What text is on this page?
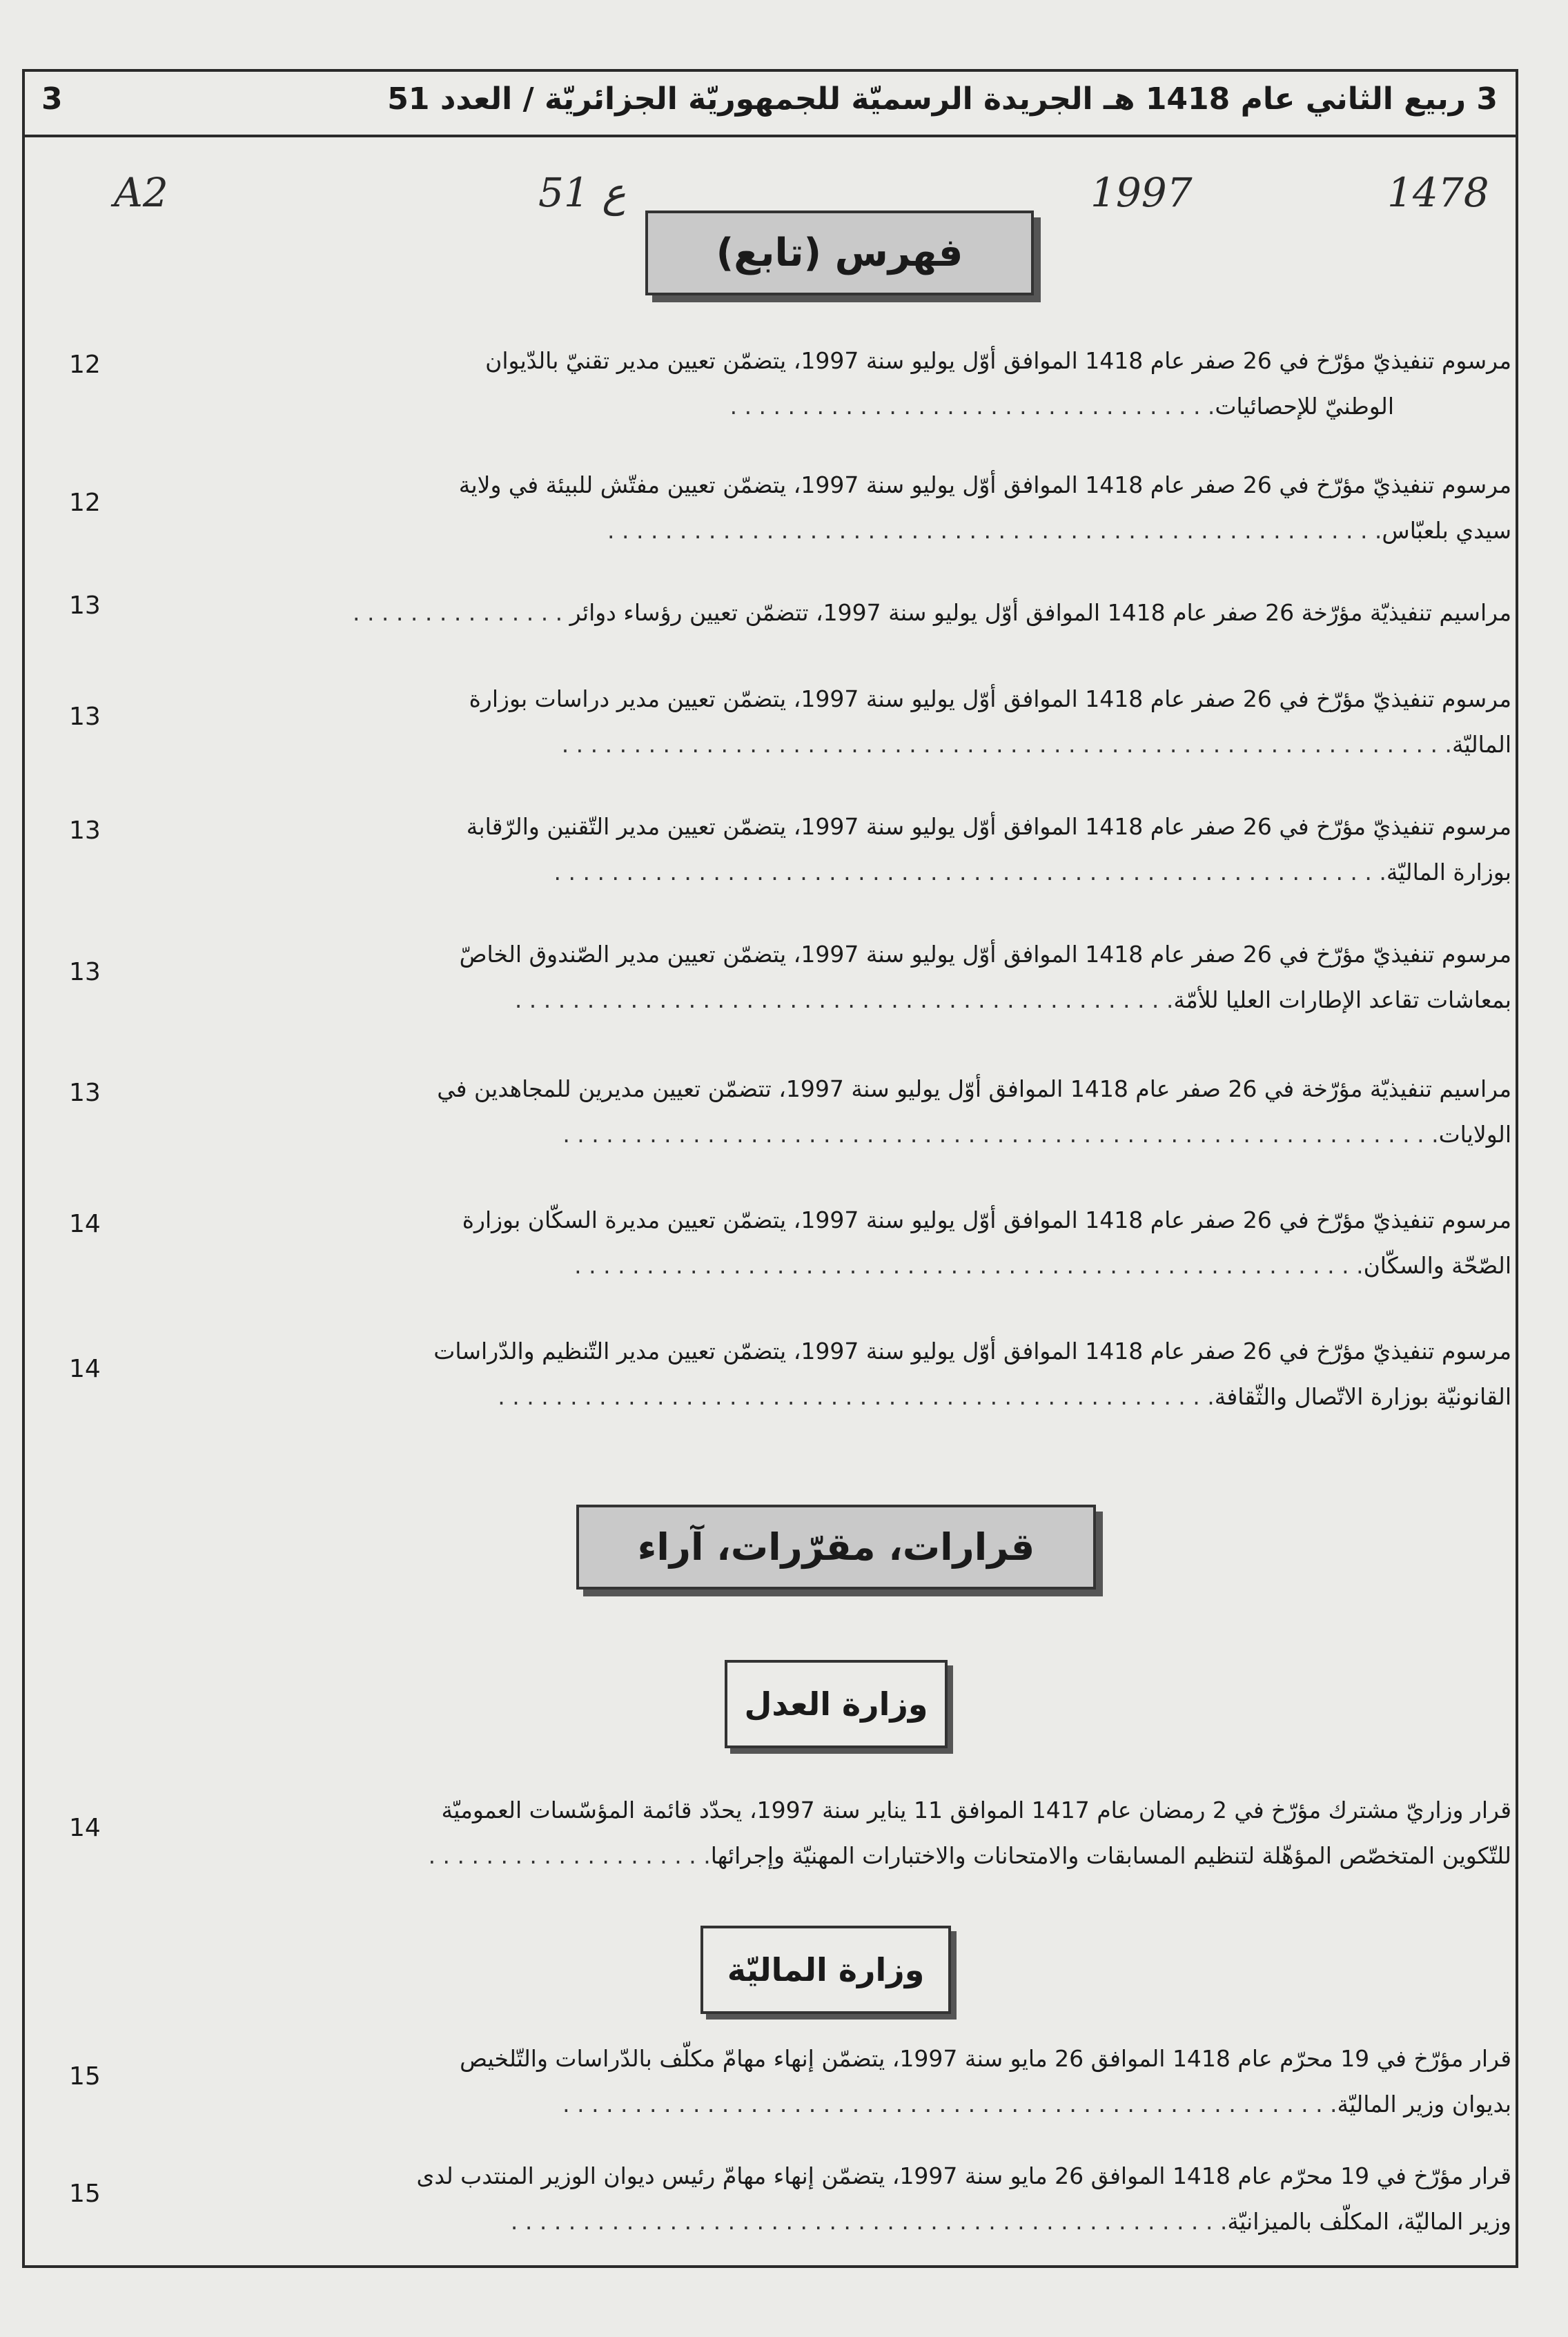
3 ربيع الثاني عام 1418 هـ الجريدة الرسميّة للجمهوريّة الجزائريّة / العدد 51
3
A2	ع 51	1997	1478
فهرس (تابع)
مرسوم تنفيذيّ مؤرّخ في 26 صفر عام 1418 الموافق أوّل يوليو سنة 1997، يتضمّن تعيين مدير تقنيّ بالدّيوان
الوطنيّ للإحصائيات. . . . . . . . . . . . . . . . . . . . . . . . . . . . . . . . . .
12
مرسوم تنفيذيّ مؤرّخ في 26 صفر عام 1418 الموافق أوّل يوليو سنة 1997، يتضمّن تعيين مفتّش للبيئة في ولاية
سيدي بلعبّاس. . . . . . . . . . . . . . . . . . . . . . . . . . . . . . . . . . . . . . . . . . . . . . . . . . . . . .
12
مراسيم تنفيذيّة مؤرّخة 26 صفر عام 1418 الموافق أوّل يوليو سنة 1997، تتضمّن تعيين رؤساء دوائر . . . . . . . . . . . . . . .
13
مرسوم تنفيذيّ مؤرّخ في 26 صفر عام 1418 الموافق أوّل يوليو سنة 1997، يتضمّن تعيين مدير دراسات بوزارة
الماليّة. . . . . . . . . . . . . . . . . . . . . . . . . . . . . . . . . . . . . . . . . . . . . . . . . . . . . . . . . . . . . .
13
مرسوم تنفيذيّ مؤرّخ في 26 صفر عام 1418 الموافق أوّل يوليو سنة 1997، يتضمّن تعيين مدير التّقنين والرّقابة
بوزارة الماليّة. . . . . . . . . . . . . . . . . . . . . . . . . . . . . . . . . . . . . . . . . . . . . . . . . . . . . . . . . .
13
مرسوم تنفيذيّ مؤرّخ في 26 صفر عام 1418 الموافق أوّل يوليو سنة 1997، يتضمّن تعيين مدير الصّندوق الخاصّ
بمعاشات تقاعد الإطارات العليا للأمّة. . . . . . . . . . . . . . . . . . . . . . . . . . . . . . . . . . . . . . . . . . . . . .
13
مراسيم تنفيذيّة مؤرّخة في 26 صفر عام 1418 الموافق أوّل يوليو سنة 1997، تتضمّن تعيين مديرين للمجاهدين في
الولايات. . . . . . . . . . . . . . . . . . . . . . . . . . . . . . . . . . . . . . . . . . . . . . . . . . . . . . . . . . . . .
13
مرسوم تنفيذيّ مؤرّخ في 26 صفر عام 1418 الموافق أوّل يوليو سنة 1997، يتضمّن تعيين مديرة السكّان بوزارة
الصّحّة والسكّان. . . . . . . . . . . . . . . . . . . . . . . . . . . . . . . . . . . . . . . . . . . . . . . . . . . . . . .
14
مرسوم تنفيذيّ مؤرّخ في 26 صفر عام 1418 الموافق أوّل يوليو سنة 1997، يتضمّن تعيين مدير التّنظيم والدّراسات
القانونيّة بوزارة الاتّصال والثّقافة. . . . . . . . . . . . . . . . . . . . . . . . . . . . . . . . . . . . . . . . . . . . . . . . . .
14
قرارات، مقرّرات، آراء
وزارة العدل
قرار وزاريّ مشترك مؤرّخ في 2 رمضان عام 1417 الموافق 11 يناير سنة 1997، يحدّد قائمة المؤسّسات العموميّة
للتّكوين المتخصّص المؤهّلة لتنظيم المسابقات والامتحانات والاختبارات المهنيّة وإجرائها. . . . . . . . . . . . . . . . . . . .
14
وزارة الماليّة
قرار مؤرّخ في 19 محرّم عام 1418 الموافق 26 مايو سنة 1997، يتضمّن إنهاء مهامّ مكلّف بالدّراسات والتّلخيص
بديوان وزير الماليّة. . . . . . . . . . . . . . . . . . . . . . . . . . . . . . . . . . . . . . . . . . . . . . . . . . . . . .
15
قرار مؤرّخ في 19 محرّم عام 1418 الموافق 26 مايو سنة 1997، يتضمّن إنهاء مهامّ رئيس ديوان الوزير المنتدب لدى
وزير الماليّة، المكلّف بالميزانيّة. . . . . . . . . . . . . . . . . . . . . . . . . . . . . . . . . . . . . . . . . . . . . . . . . .
15
